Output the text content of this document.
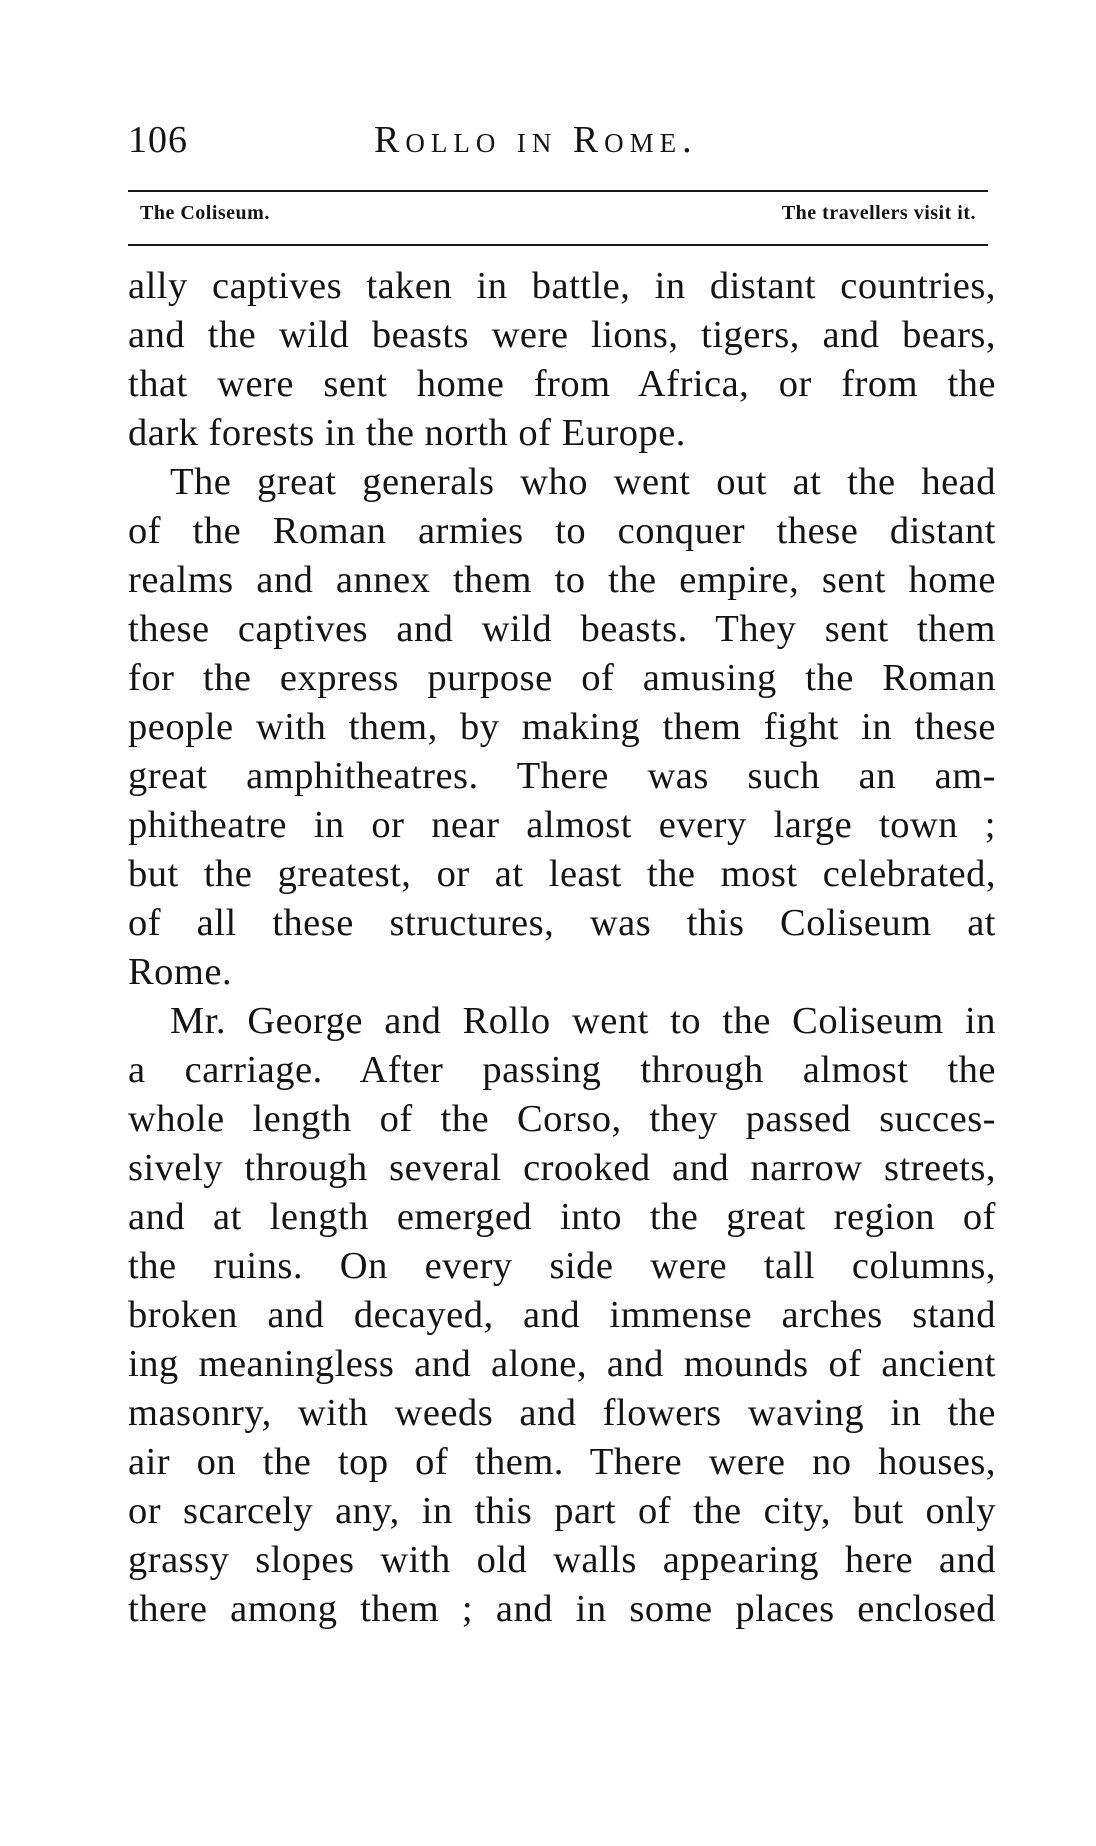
106	Rollo in Rome.
The Coliseum.	The travellers visit it.
ally captives taken in battle, in distant countries,
and the wild beasts were lions, tigers, and bears,
that were sent home from Africa, or from the
dark forests in the north of Europe.
The great generals who went out at the head
of the Roman armies to conquer these distant
realms and annex them to the empire, sent home
these captives and wild beasts. They sent them
for the express purpose of amusing the Roman
people with them, by making them fight in these
great amphitheatres. There was such an am-
phitheatre in or near almost every large town ;
but the greatest, or at least the most celebrated,
of all these structures, was this Coliseum at
Rome.
Mr. George and Rollo went to the Coliseum in
a carriage. After passing through almost the
whole length of the Corso, they passed succes-
sively through several crooked and narrow streets,
and at length emerged into the great region of
the ruins. On every side were tall columns,
broken and decayed, and immense arches stand
ing meaningless and alone, and mounds of ancient
masonry, with weeds and flowers waving in the
air on the top of them. There were no houses,
or scarcely any, in this part of the city, but only
grassy slopes with old walls appearing here and
there among them ; and in some places enclosed
